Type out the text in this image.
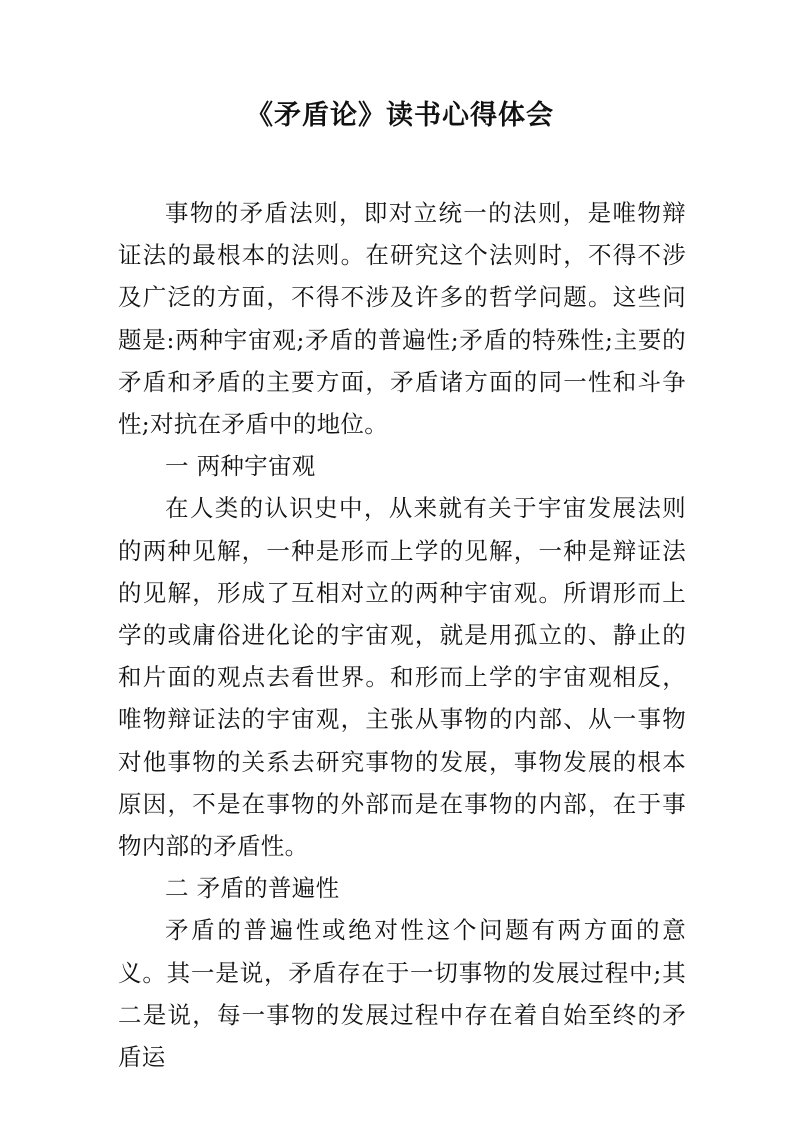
《矛盾论》读书心得体会

事物的矛盾法则，即对立统一的法则，是唯物辩证法的最根本的法则。在研究这个法则时，不得不涉及广泛的方面，不得不涉及许多的哲学问题。这些问题是:两种宇宙观;矛盾的普遍性;矛盾的特殊性;主要的矛盾和矛盾的主要方面，矛盾诸方面的同一性和斗争性;对抗在矛盾中的地位。

一 两种宇宙观

在人类的认识史中，从来就有关于宇宙发展法则的两种见解，一种是形而上学的见解，一种是辩证法的见解，形成了互相对立的两种宇宙观。所谓形而上学的或庸俗进化论的宇宙观，就是用孤立的、静止的和片面的观点去看世界。和形而上学的宇宙观相反，唯物辩证法的宇宙观，主张从事物的内部、从一事物对他事物的关系去研究事物的发展，事物发展的根本原因，不是在事物的外部而是在事物的内部，在于事物内部的矛盾性。

二 矛盾的普遍性

矛盾的普遍性或绝对性这个问题有两方面的意义。其一是说，矛盾存在于一切事物的发展过程中;其二是说，每一事物的发展过程中存在着自始至终的矛盾运
